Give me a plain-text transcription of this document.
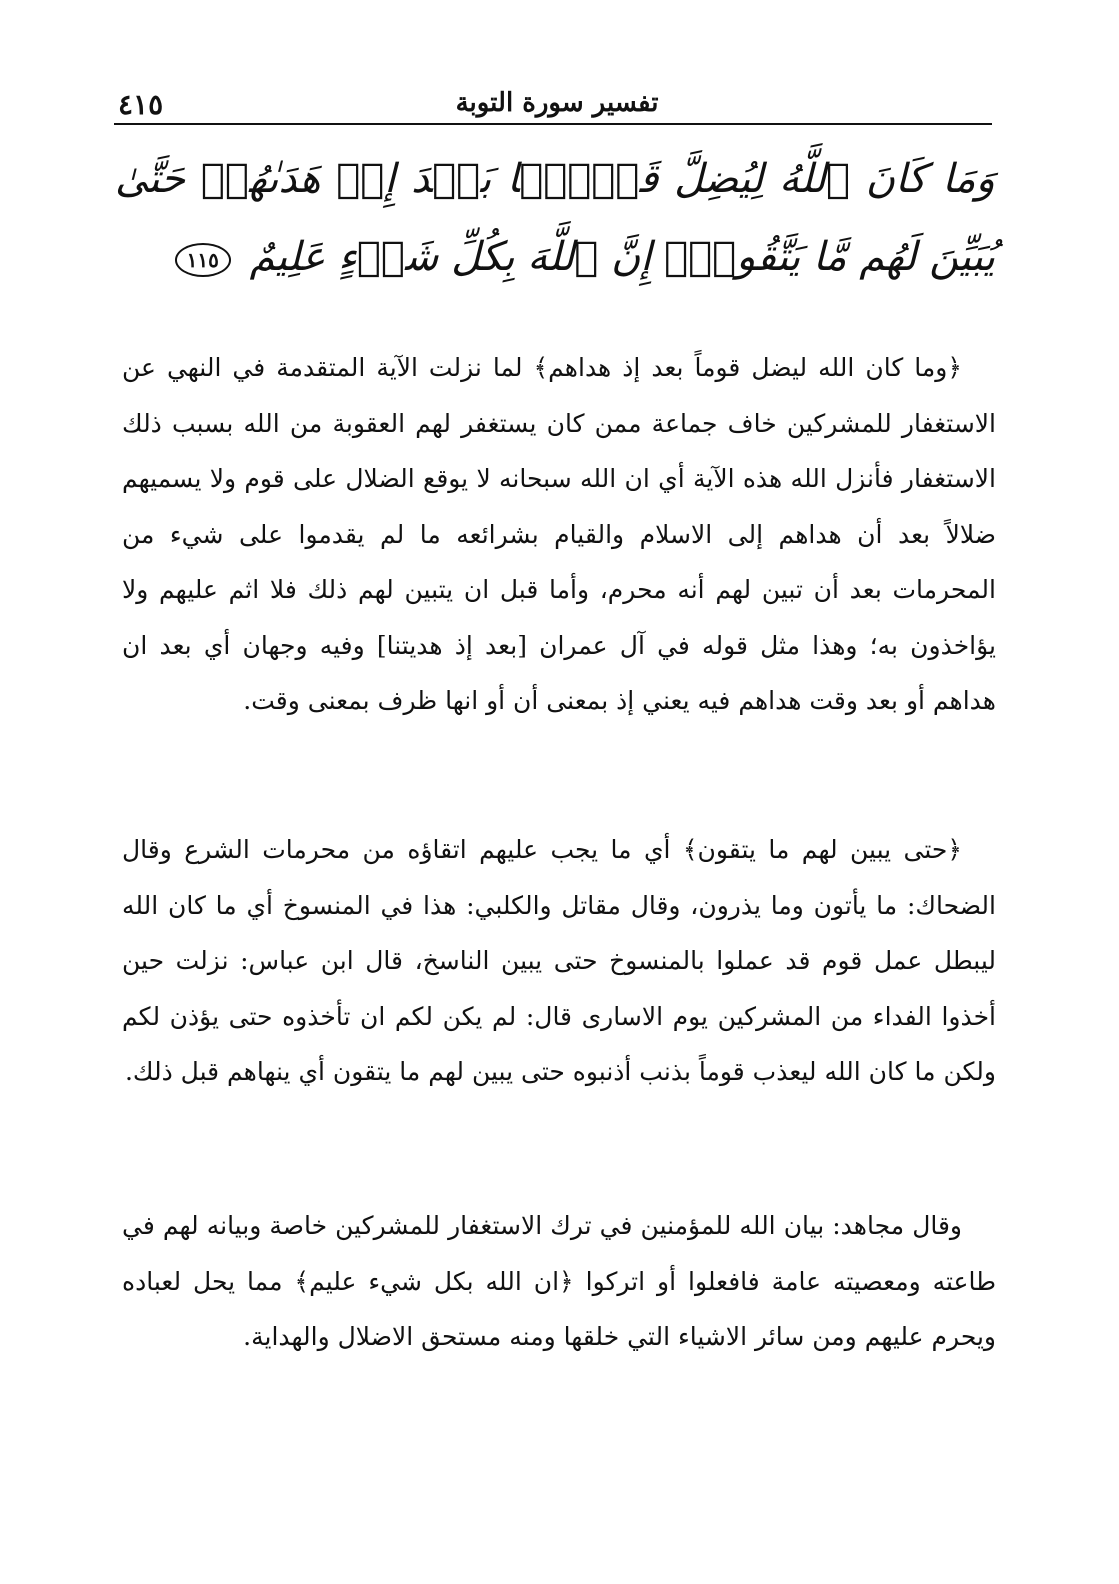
٤١٥	تفسير سورة التوبة
وَمَا كَانَ ٱللَّهُ لِيُضِلَّ قَوۡمَۢا بَعۡدَ إِذۡ هَدَىٰهُمۡ حَتَّىٰ يُبَيِّنَ لَهُم مَّا يَتَّقُونَۚ إِنَّ ٱللَّهَ بِكُلِّ شَيۡءٍ عَلِيمٌ ١١٥

﴿وما كان الله ليضل قوماً بعد إذ هداهم﴾ لما نزلت الآية المتقدمة في النهي عن الاستغفار للمشركين خاف جماعة ممن كان يستغفر لهم العقوبة من الله بسبب ذلك الاستغفار فأنزل الله هذه الآية أي ان الله سبحانه لا يوقع الضلال على قوم ولا يسميهم ضلالاً بعد أن هداهم إلى الاسلام والقيام بشرائعه ما لم يقدموا على شيء من المحرمات بعد أن تبين لهم أنه محرم، وأما قبل ان يتبين لهم ذلك فلا اثم عليهم ولا يؤاخذون به؛ وهذا مثل قوله في آل عمران [بعد إذ هديتنا] وفيه وجهان أي بعد ان هداهم أو بعد وقت هداهم فيه يعني إذ بمعنى أن أو انها ظرف بمعنى وقت.

﴿حتى يبين لهم ما يتقون﴾ أي ما يجب عليهم اتقاؤه من محرمات الشرع وقال الضحاك: ما يأتون وما يذرون، وقال مقاتل والكلبي: هذا في المنسوخ أي ما كان الله ليبطل عمل قوم قد عملوا بالمنسوخ حتى يبين الناسخ، قال ابن عباس: نزلت حين أخذوا الفداء من المشركين يوم الاسارى قال: لم يكن لكم ان تأخذوه حتى يؤذن لكم ولكن ما كان الله ليعذب قوماً بذنب أذنبوه حتى يبين لهم ما يتقون أي ينهاهم قبل ذلك.

وقال مجاهد: بيان الله للمؤمنين في ترك الاستغفار للمشركين خاصة وبيانه لهم في طاعته ومعصيته عامة فافعلوا أو اتركوا ﴿ان الله بكل شيء عليم﴾ مما يحل لعباده ويحرم عليهم ومن سائر الاشياء التي خلقها ومنه مستحق الاضلال والهداية.
